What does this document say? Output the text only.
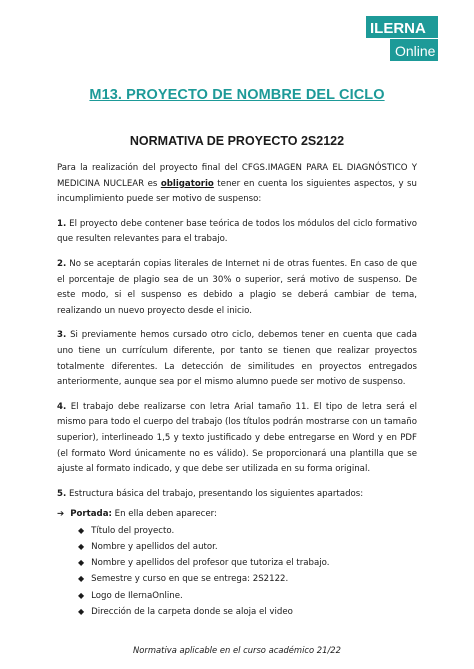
ILERNA
Online
M13. PROYECTO DE NOMBRE DEL CICLO
NORMATIVA DE PROYECTO 2S2122

Para la realización del proyecto final del CFGS.IMAGEN PARA EL DIAGNÓSTICO Y MEDICINA NUCLEAR es obligatorio tener en cuenta los siguientes aspectos, y su incumplimiento puede ser motivo de suspenso:

1. El proyecto debe contener base teórica de todos los módulos del ciclo formativo que resulten relevantes para el trabajo.

2. No se aceptarán copias literales de Internet ni de otras fuentes. En caso de que el porcentaje de plagio sea de un 30% o superior, será motivo de suspenso. De este modo, si el suspenso es debido a plagio se deberá cambiar de tema, realizando un nuevo proyecto desde el inicio.

3. Si previamente hemos cursado otro ciclo, debemos tener en cuenta que cada uno tiene un currículum diferente, por tanto se tienen que realizar proyectos totalmente diferentes. La detección de similitudes en proyectos entregados anteriormente, aunque sea por el mismo alumno puede ser motivo de suspenso.

4. El trabajo debe realizarse con letra Arial tamaño 11. El tipo de letra será el mismo para todo el cuerpo del trabajo (los títulos podrán mostrarse con un tamaño superior), interlineado 1,5 y texto justificado y debe entregarse en Word y en PDF (el formato Word únicamente no es válido). Se proporcionará una plantilla que se ajuste al formato indicado, y que debe ser utilizada en su forma original.

5. Estructura básica del trabajo, presentando los siguientes apartados:

➔ Portada: En ella deben aparecer:
◆ Título del proyecto.
◆ Nombre y apellidos del autor.
◆ Nombre y apellidos del profesor que tutoriza el trabajo.
◆ Semestre y curso en que se entrega: 2S2122.
◆ Logo de IlernaOnline.
◆ Dirección de la carpeta donde se aloja el video
Normativa aplicable en el curso académico 21/22
